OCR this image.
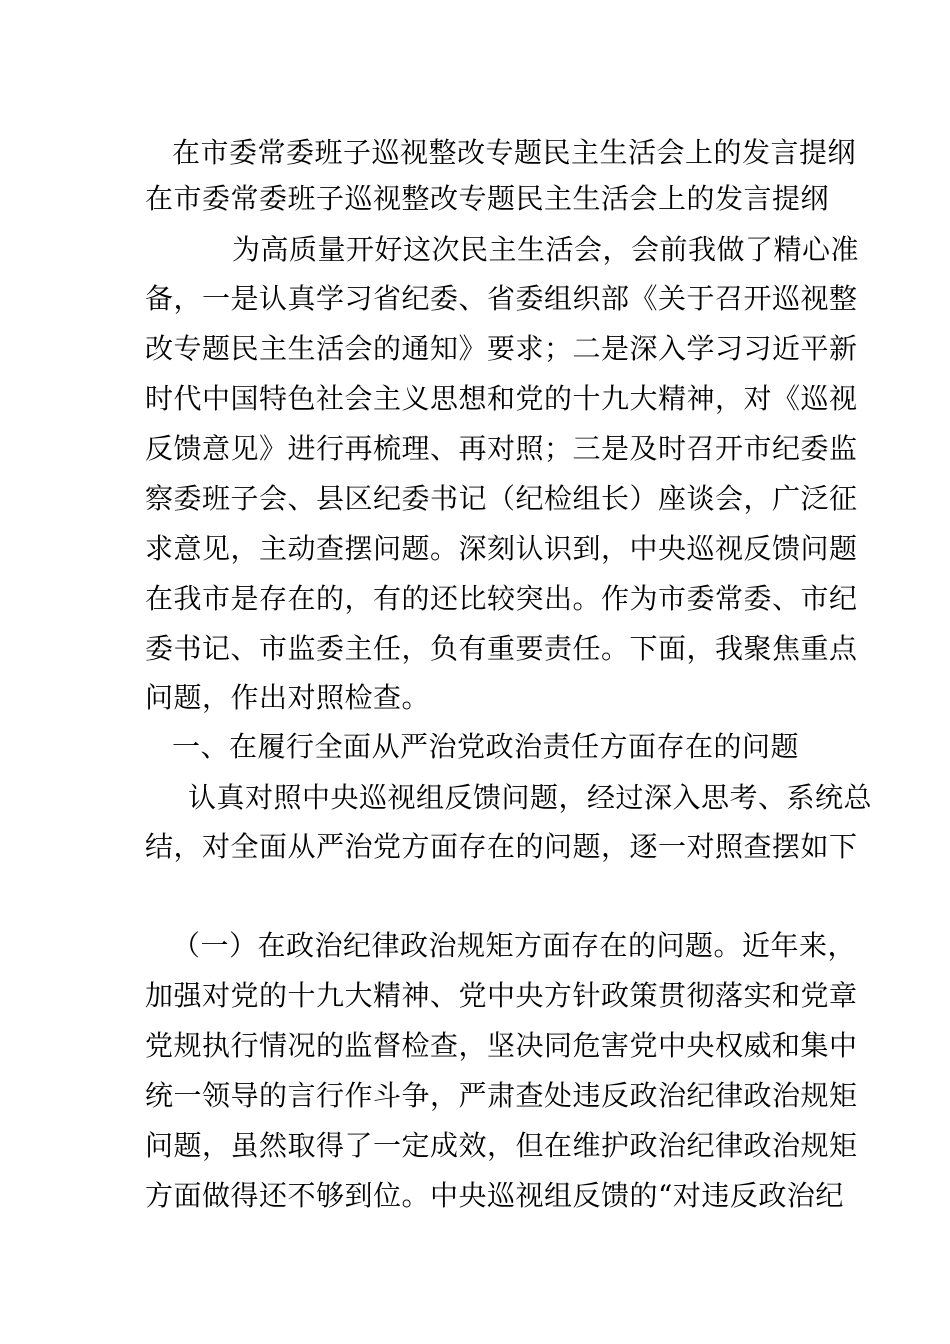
在市委常委班子巡视整改专题民主生活会上的发言提纲
在市委常委班子巡视整改专题民主生活会上的发言提纲
为高质量开好这次民主生活会，会前我做了精心准
备，一是认真学习省纪委、省委组织部《关于召开巡视整
改专题民主生活会的通知》要求；二是深入学习习近平新
时代中国特色社会主义思想和党的十九大精神，对《巡视
反馈意见》进行再梳理、再对照；三是及时召开市纪委监
察委班子会、县区纪委书记（纪检组长）座谈会，广泛征
求意见，主动查摆问题。深刻认识到，中央巡视反馈问题
在我市是存在的，有的还比较突出。作为市委常委、市纪
委书记、市监委主任，负有重要责任。下面，我聚焦重点
问题，作出对照检查。
一、在履行全面从严治党政治责任方面存在的问题
认真对照中央巡视组反馈问题，经过深入思考、系统总
结，对全面从严治党方面存在的问题，逐一对照查摆如下
（一）在政治纪律政治规矩方面存在的问题。近年来，
加强对党的十九大精神、党中央方针政策贯彻落实和党章
党规执行情况的监督检查，坚决同危害党中央权威和集中
统一领导的言行作斗争，严肃查处违反政治纪律政治规矩
问题，虽然取得了一定成效，但在维护政治纪律政治规矩
方面做得还不够到位。中央巡视组反馈的“对违反政治纪
